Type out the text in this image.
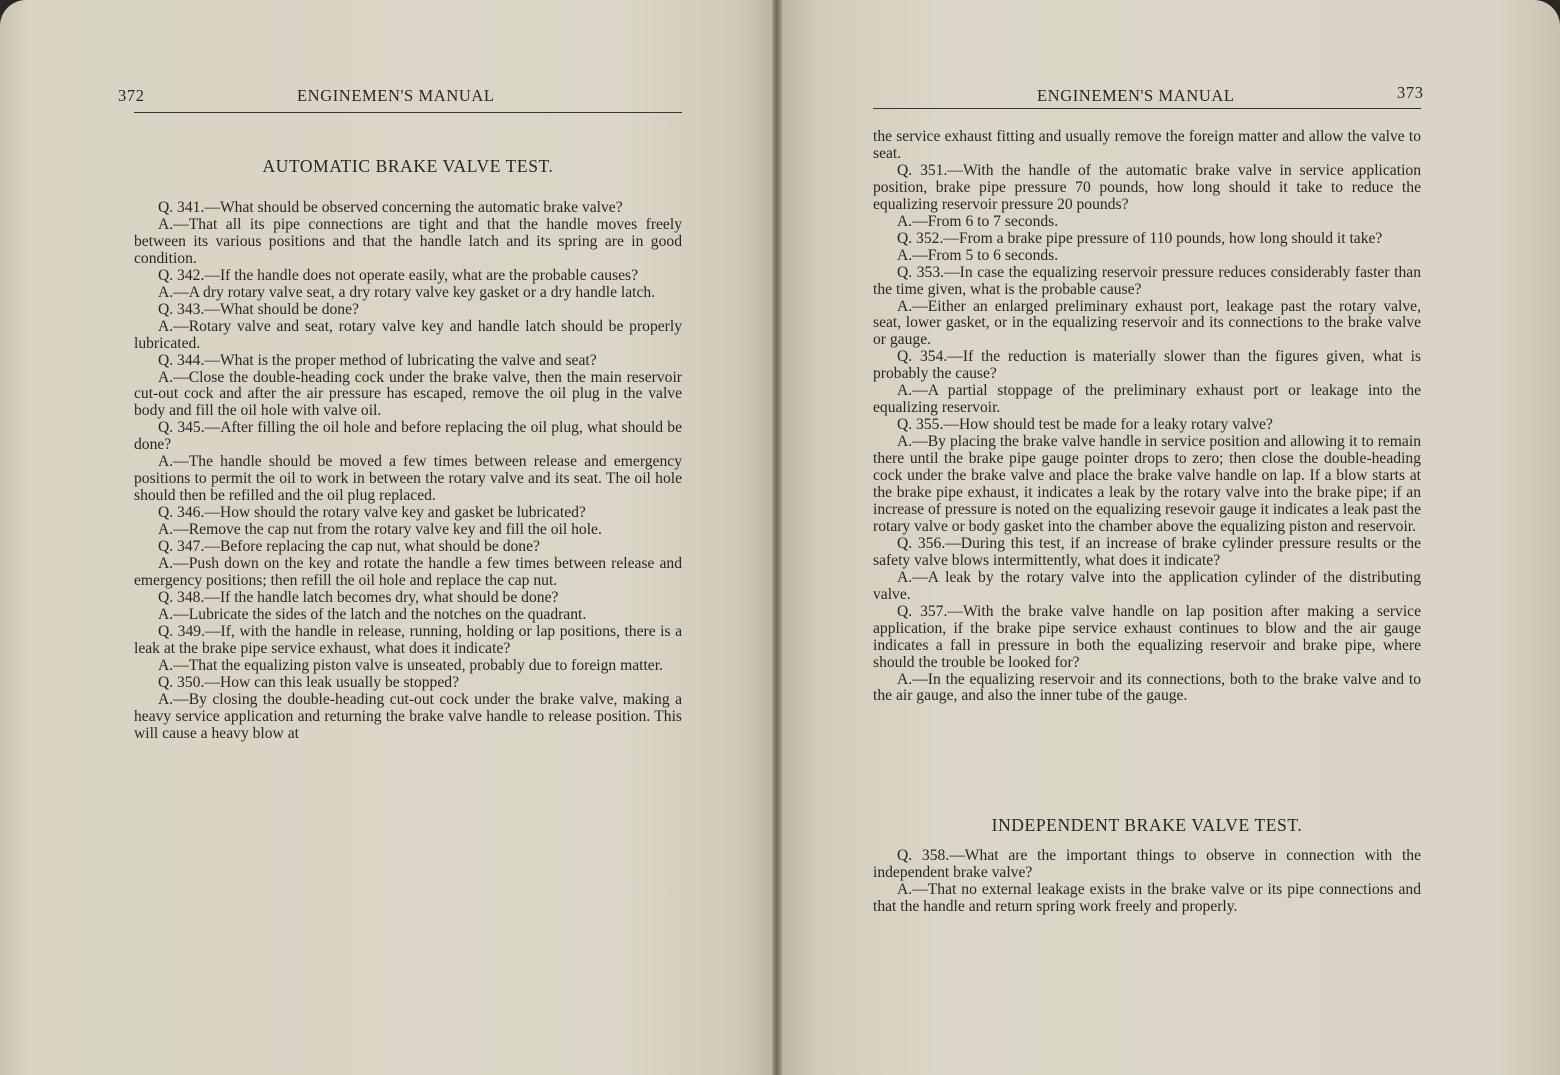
372	ENGINEMEN'S MANUAL
AUTOMATIC BRAKE VALVE TEST.

Q. 341.—What should be observed concerning the automatic brake valve?

A.—That all its pipe connections are tight and that the handle moves freely between its various positions and that the handle latch and its spring are in good condition.

Q. 342.—If the handle does not operate easily, what are the probable causes?

A.—A dry rotary valve seat, a dry rotary valve key gasket or a dry handle latch.

Q. 343.—What should be done?

A.—Rotary valve and seat, rotary valve key and handle latch should be properly lubricated.

Q. 344.—What is the proper method of lubricating the valve and seat?

A.—Close the double-heading cock under the brake valve, then the main reservoir cut-out cock and after the air pressure has escaped, remove the oil plug in the valve body and fill the oil hole with valve oil.

Q. 345.—After filling the oil hole and before replacing the oil plug, what should be done?

A.—The handle should be moved a few times between release and emergency positions to permit the oil to work in between the rotary valve and its seat. The oil hole should then be refilled and the oil plug replaced.

Q. 346.—How should the rotary valve key and gasket be lubricated?

A.—Remove the cap nut from the rotary valve key and fill the oil hole.

Q. 347.—Before replacing the cap nut, what should be done?

A.—Push down on the key and rotate the handle a few times between release and emergency positions; then refill the oil hole and replace the cap nut.

Q. 348.—If the handle latch becomes dry, what should be done?

A.—Lubricate the sides of the latch and the notches on the quadrant.

Q. 349.—If, with the handle in release, running, holding or lap positions, there is a leak at the brake pipe service exhaust, what does it indicate?

A.—That the equalizing piston valve is unseated, probably due to foreign matter.

Q. 350.—How can this leak usually be stopped?

A.—By closing the double-heading cut-out cock under the brake valve, making a heavy service application and returning the brake valve handle to release position. This will cause a heavy blow at

ENGINEMEN'S MANUAL	373

the service exhaust fitting and usually remove the foreign matter and allow the valve to seat.

Q. 351.—With the handle of the automatic brake valve in service application position, brake pipe pressure 70 pounds, how long should it take to reduce the equalizing reservoir pressure 20 pounds?

A.—From 6 to 7 seconds.

Q. 352.—From a brake pipe pressure of 110 pounds, how long should it take?

A.—From 5 to 6 seconds.

Q. 353.—In case the equalizing reservoir pressure reduces considerably faster than the time given, what is the probable cause?

A.—Either an enlarged preliminary exhaust port, leakage past the rotary valve, seat, lower gasket, or in the equalizing reservoir and its connections to the brake valve or gauge.

Q. 354.—If the reduction is materially slower than the figures given, what is probably the cause?

A.—A partial stoppage of the preliminary exhaust port or leakage into the equalizing reservoir.

Q. 355.—How should test be made for a leaky rotary valve?

A.—By placing the brake valve handle in service position and allowing it to remain there until the brake pipe gauge pointer drops to zero; then close the double-heading cock under the brake valve and place the brake valve handle on lap. If a blow starts at the brake pipe exhaust, it indicates a leak by the rotary valve into the brake pipe; if an increase of pressure is noted on the equalizing resevoir gauge it indicates a leak past the rotary valve or body gasket into the chamber above the equalizing piston and reservoir.

Q. 356.—During this test, if an increase of brake cylinder pressure results or the safety valve blows intermittently, what does it indicate?

A.—A leak by the rotary valve into the application cylinder of the distributing valve.

Q. 357.—With the brake valve handle on lap position after making a service application, if the brake pipe service exhaust continues to blow and the air gauge indicates a fall in pressure in both the equalizing reservoir and brake pipe, where should the trouble be looked for?

A.—In the equalizing reservoir and its connections, both to the brake valve and to the air gauge, and also the inner tube of the gauge.

INDEPENDENT BRAKE VALVE TEST.

Q. 358.—What are the important things to observe in connection with the independent brake valve?

A.—That no external leakage exists in the brake valve or its pipe connections and that the handle and return spring work freely and properly.
